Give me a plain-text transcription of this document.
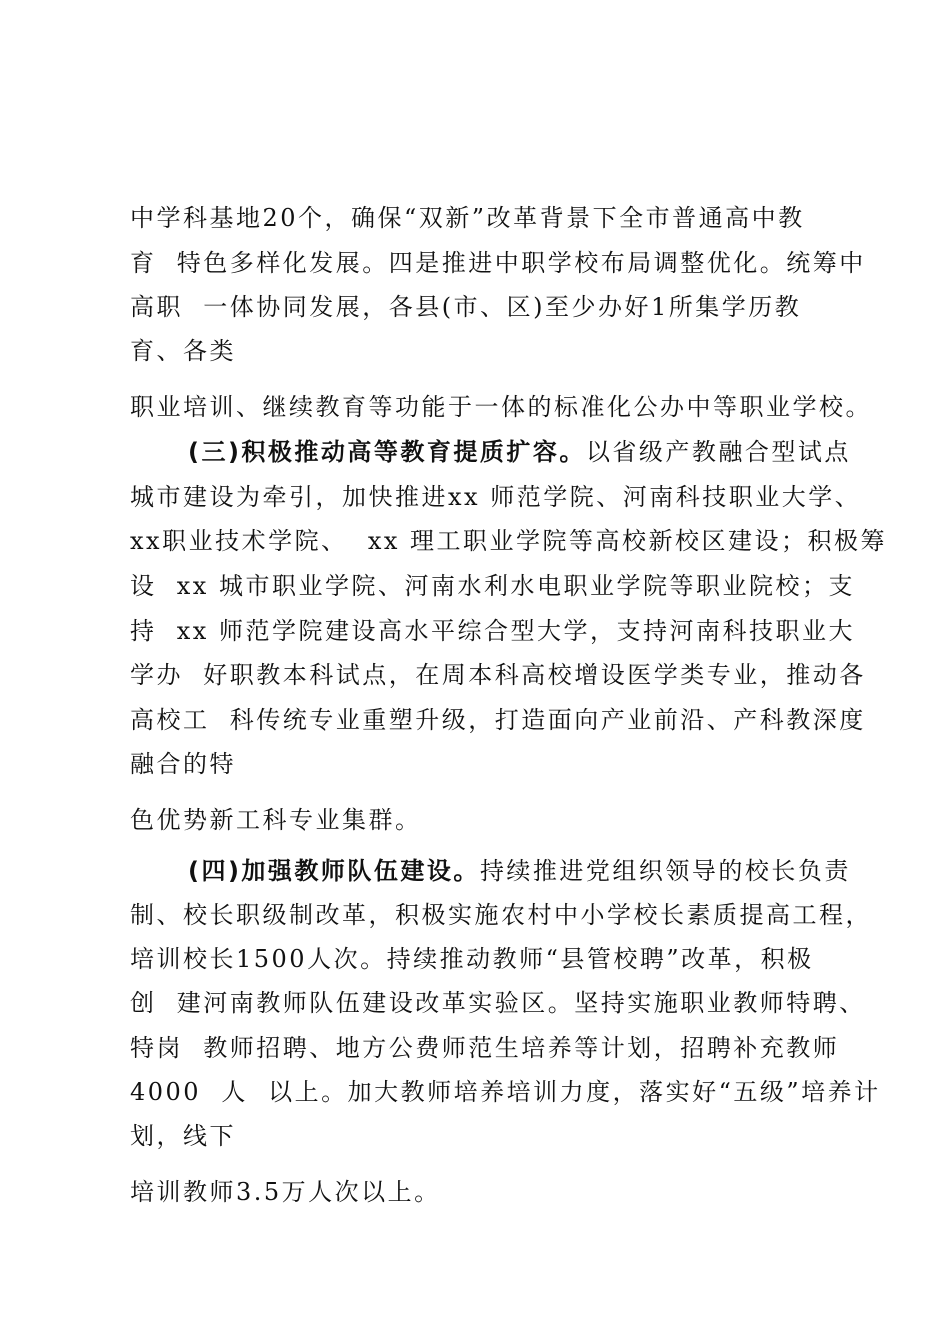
中学科基地20个，确保“双新”改革背景下全市普通高中教

育  特色多样化发展。四是推进中职学校布局调整优化。统筹中

高职  一体协同发展，各县(市、区)至少办好1所集学历教

育、各类

职业培训、继续教育等功能于一体的标准化公办中等职业学校。

(三)积极推动高等教育提质扩容。以省级产教融合型试点

城市建设为牵引，加快推进xx 师范学院、河南科技职业大学、

xx职业技术学院、  xx 理工职业学院等高校新校区建设；积极筹

设  xx 城市职业学院、河南水利水电职业学院等职业院校；支

持  xx 师范学院建设高水平综合型大学，支持河南科技职业大

学办  好职教本科试点，在周本科高校增设医学类专业，推动各

高校工  科传统专业重塑升级，打造面向产业前沿、产科教深度

融合的特

色优势新工科专业集群。

(四)加强教师队伍建设。持续推进党组织领导的校长负责

制、校长职级制改革，积极实施农村中小学校长素质提高工程，

培训校长1500人次。持续推动教师“县管校聘”改革，积极

创  建河南教师队伍建设改革实验区。坚持实施职业教师特聘、

特岗  教师招聘、地方公费师范生培养等计划，招聘补充教师

4000  人  以上。加大教师培养培训力度，落实好“五级”培养计

划，线下

培训教师3.5万人次以上。
